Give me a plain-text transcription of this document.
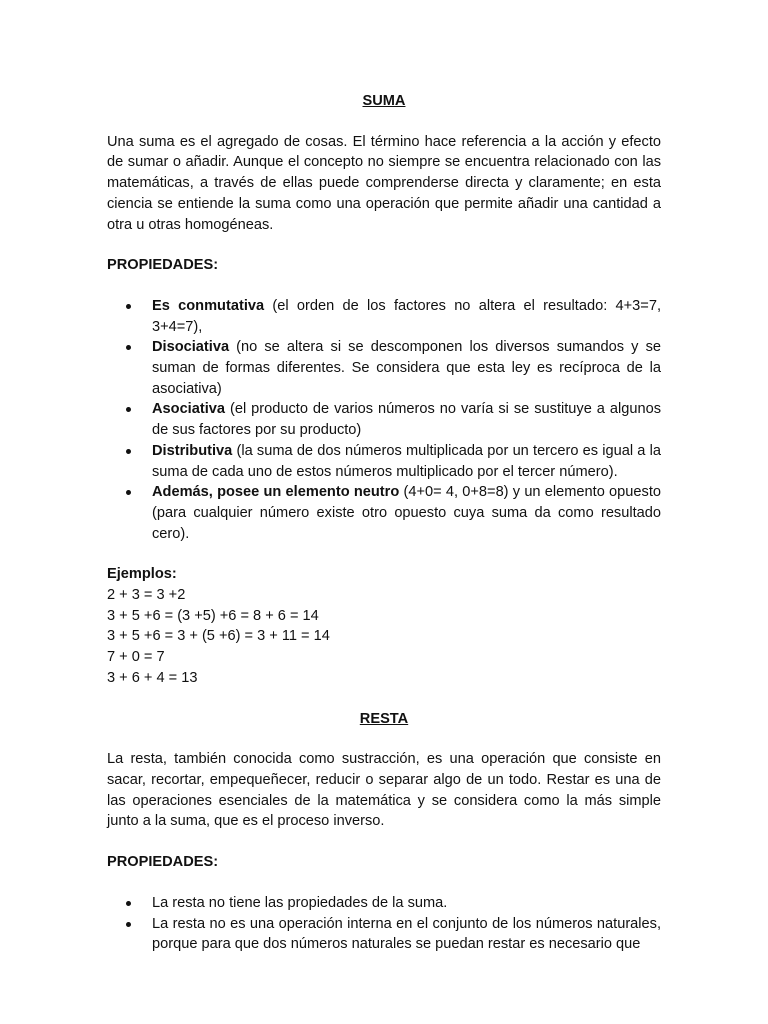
SUMA

Una suma es el agregado de cosas. El término hace referencia a la acción y efecto de sumar o añadir. Aunque el concepto no siempre se encuentra relacionado con las matemáticas, a través de ellas puede comprenderse directa y claramente; en esta ciencia se entiende la suma como una operación que permite añadir una cantidad a otra u otras homogéneas.

PROPIEDADES:

Es conmutativa (el orden de los factores no altera el resultado: 4+3=7, 3+4=7),
Disociativa (no se altera si se descomponen los diversos sumandos y se suman de formas diferentes. Se considera que esta ley es recíproca de la asociativa)
Asociativa (el producto de varios números no varía si se sustituye a algunos de sus factores por su producto)
Distributiva (la suma de dos números multiplicada por un tercero es igual a la suma de cada uno de estos números multiplicado por el tercer número).
Además, posee un elemento neutro (4+0= 4, 0+8=8) y un elemento opuesto (para cualquier número existe otro opuesto cuya suma da como resultado cero).
Ejemplos:
2 + 3 = 3 +2
3 + 5 +6 = (3 +5) +6 = 8 + 6 = 14
3 + 5 +6 = 3 + (5 +6) = 3 + 11 = 14
7 + 0 = 7
3 + 6 + 4 = 13
RESTA

La resta, también conocida como sustracción, es una operación que consiste en sacar, recortar, empequeñecer, reducir o separar algo de un todo. Restar es una de las operaciones esenciales de la matemática y se considera como la más simple junto a la suma, que es el proceso inverso.

PROPIEDADES:

La resta no tiene las propiedades de la suma.
La resta no es una operación interna en el conjunto de los números naturales, porque para que dos números naturales se puedan restar es necesario que
